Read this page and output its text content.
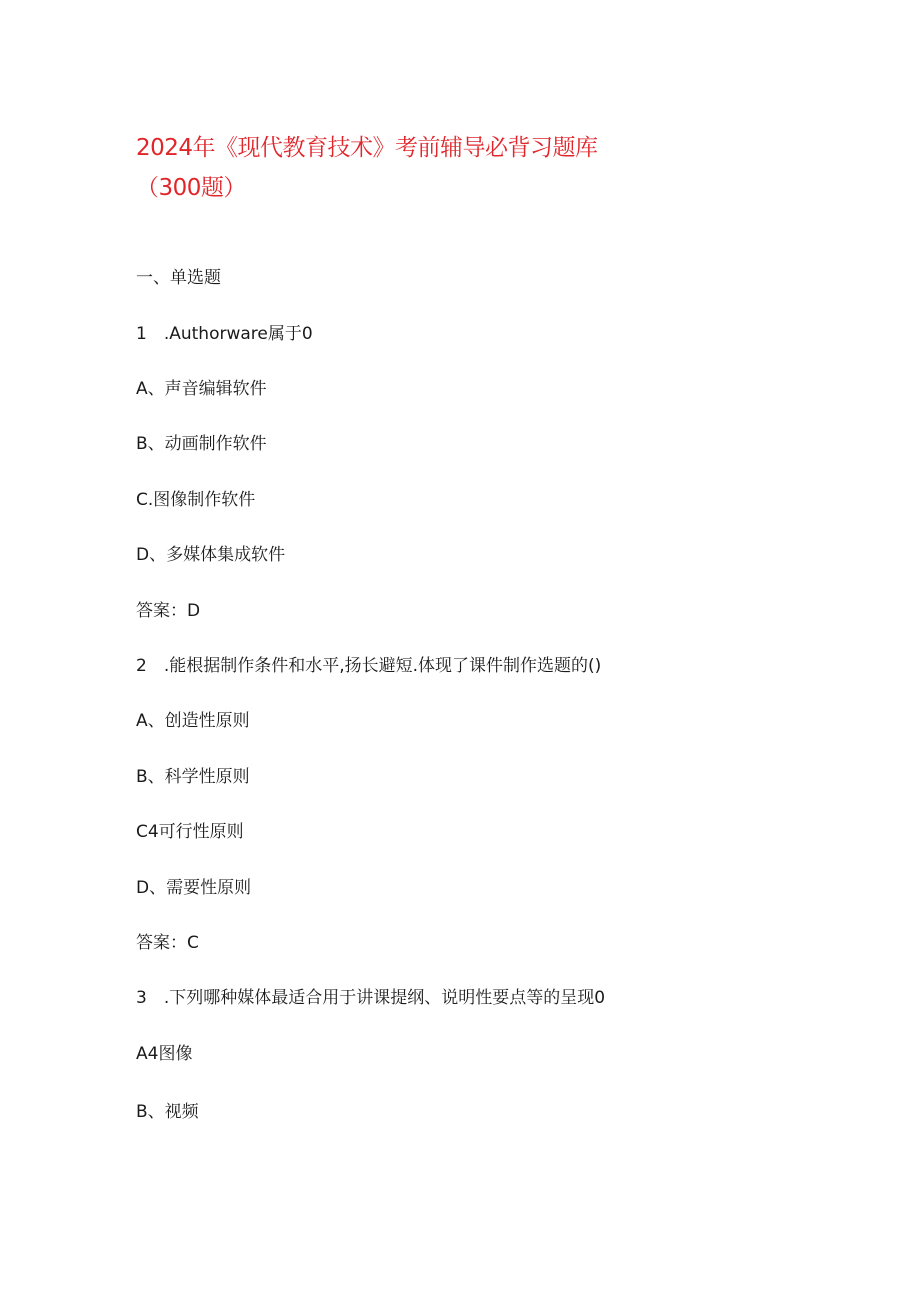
2024年《现代教育技术》考前辅导必背习题库
（300题）
一、单选题
1 .Authorware属于0
A、声音编辑软件
B、动画制作软件
C.图像制作软件
D、多媒体集成软件
答案：D
2 .能根据制作条件和水平,扬长避短.体现了课件制作选题的()
A、创造性原则
B、科学性原则
C4可行性原则
D、需要性原则
答案：C
3 .下列哪种媒体最适合用于讲课提纲、说明性要点等的呈现0
A4图像
B、视频
